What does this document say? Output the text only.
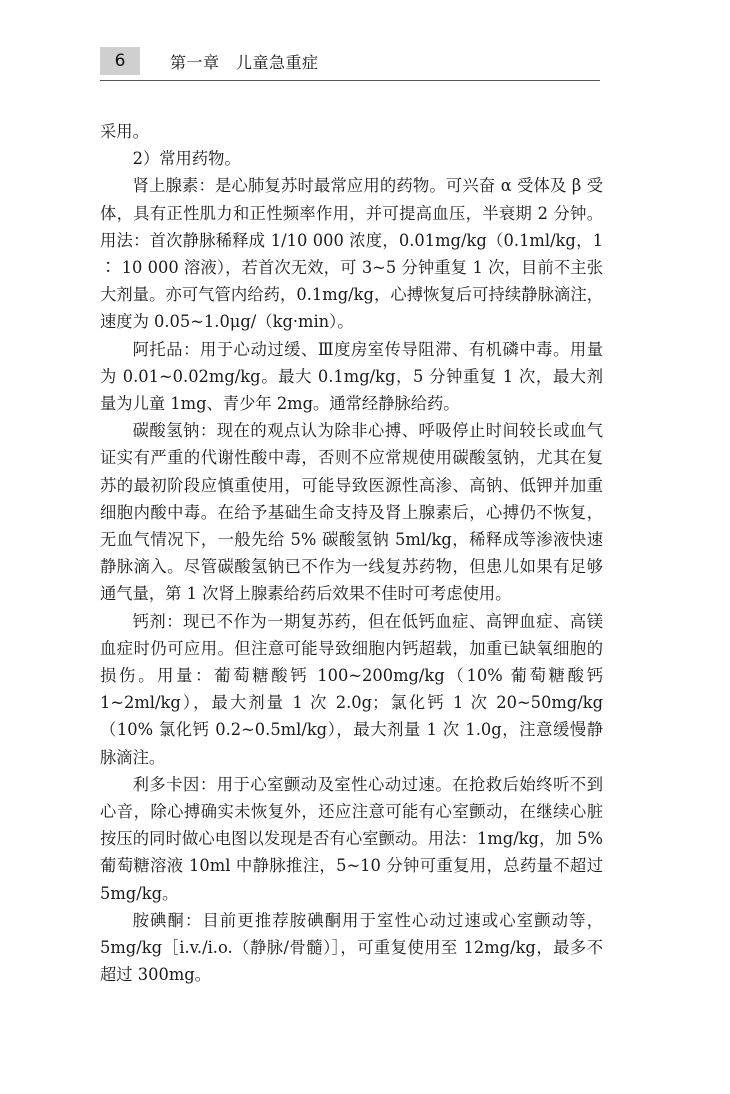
6	第一章　儿童急重症

采用。

2）常用药物。

肾上腺素：是心肺复苏时最常应用的药物。可兴奋 α 受体及 β 受体，具有正性肌力和正性频率作用，并可提高血压，半衰期 2 分钟。用法：首次静脉稀释成 1/10 000 浓度，0.01mg/kg（0.1ml/kg，1 ∶ 10 000 溶液），若首次无效，可 3~5 分钟重复 1 次，目前不主张大剂量。亦可气管内给药，0.1mg/kg，心搏恢复后可持续静脉滴注，速度为 0.05~1.0μg/（kg·min）。

阿托品：用于心动过缓、Ⅲ度房室传导阻滞、有机磷中毒。用量为 0.01~0.02mg/kg。最大 0.1mg/kg，5 分钟重复 1 次，最大剂量为儿童 1mg、青少年 2mg。通常经静脉给药。

碳酸氢钠：现在的观点认为除非心搏、呼吸停止时间较长或血气证实有严重的代谢性酸中毒，否则不应常规使用碳酸氢钠，尤其在复苏的最初阶段应慎重使用，可能导致医源性高渗、高钠、低钾并加重细胞内酸中毒。在给予基础生命支持及肾上腺素后，心搏仍不恢复，无血气情况下，一般先给 5% 碳酸氢钠 5ml/kg，稀释成等渗液快速静脉滴入。尽管碳酸氢钠已不作为一线复苏药物，但患儿如果有足够通气量，第 1 次肾上腺素给药后效果不佳时可考虑使用。

钙剂：现已不作为一期复苏药，但在低钙血症、高钾血症、高镁血症时仍可应用。但注意可能导致细胞内钙超载，加重已缺氧细胞的损伤。用量：葡萄糖酸钙 100~200mg/kg（10% 葡萄糖酸钙 1~2ml/kg），最大剂量 1 次 2.0g；氯化钙 1 次 20~50mg/kg（10% 氯化钙 0.2~0.5ml/kg），最大剂量 1 次 1.0g，注意缓慢静脉滴注。

利多卡因：用于心室颤动及室性心动过速。在抢救后始终听不到心音，除心搏确实未恢复外，还应注意可能有心室颤动，在继续心脏按压的同时做心电图以发现是否有心室颤动。用法：1mg/kg，加 5% 葡萄糖溶液 10ml 中静脉推注，5~10 分钟可重复用，总药量不超过 5mg/kg。

胺碘酮：目前更推荐胺碘酮用于室性心动过速或心室颤动等，5mg/kg［i.v./i.o.（静脉/骨髓）］，可重复使用至 12mg/kg，最多不超过 300mg。
